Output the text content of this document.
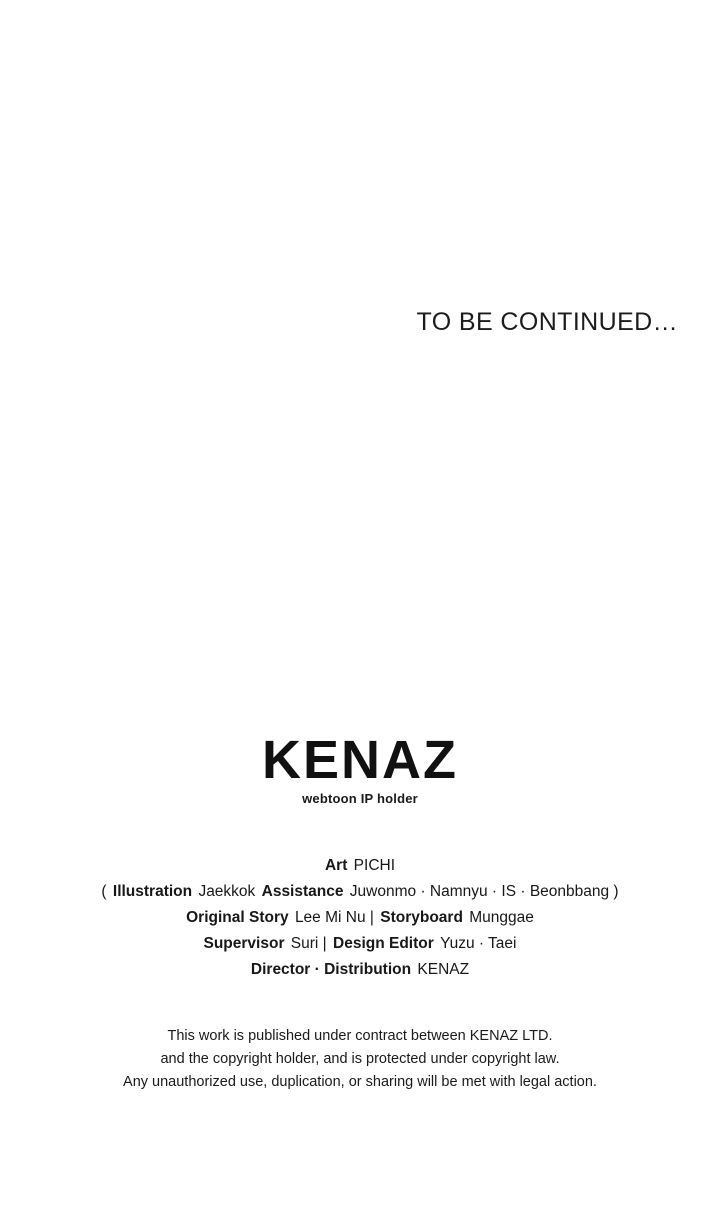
TO BE CONTINUED…
KENAZ
webtoon IP holder
Art PICHI
( Illustration Jaekkok Assistance Juwonmo · Namnyu · IS · Beonbbang )
Original Story Lee Mi Nu | Storyboard Munggae
Supervisor Suri | Design Editor Yuzu · Taei
Director · Distribution KENAZ
This work is published under contract between KENAZ LTD.
and the copyright holder, and is protected under copyright law.
Any unauthorized use, duplication, or sharing will be met with legal action.
